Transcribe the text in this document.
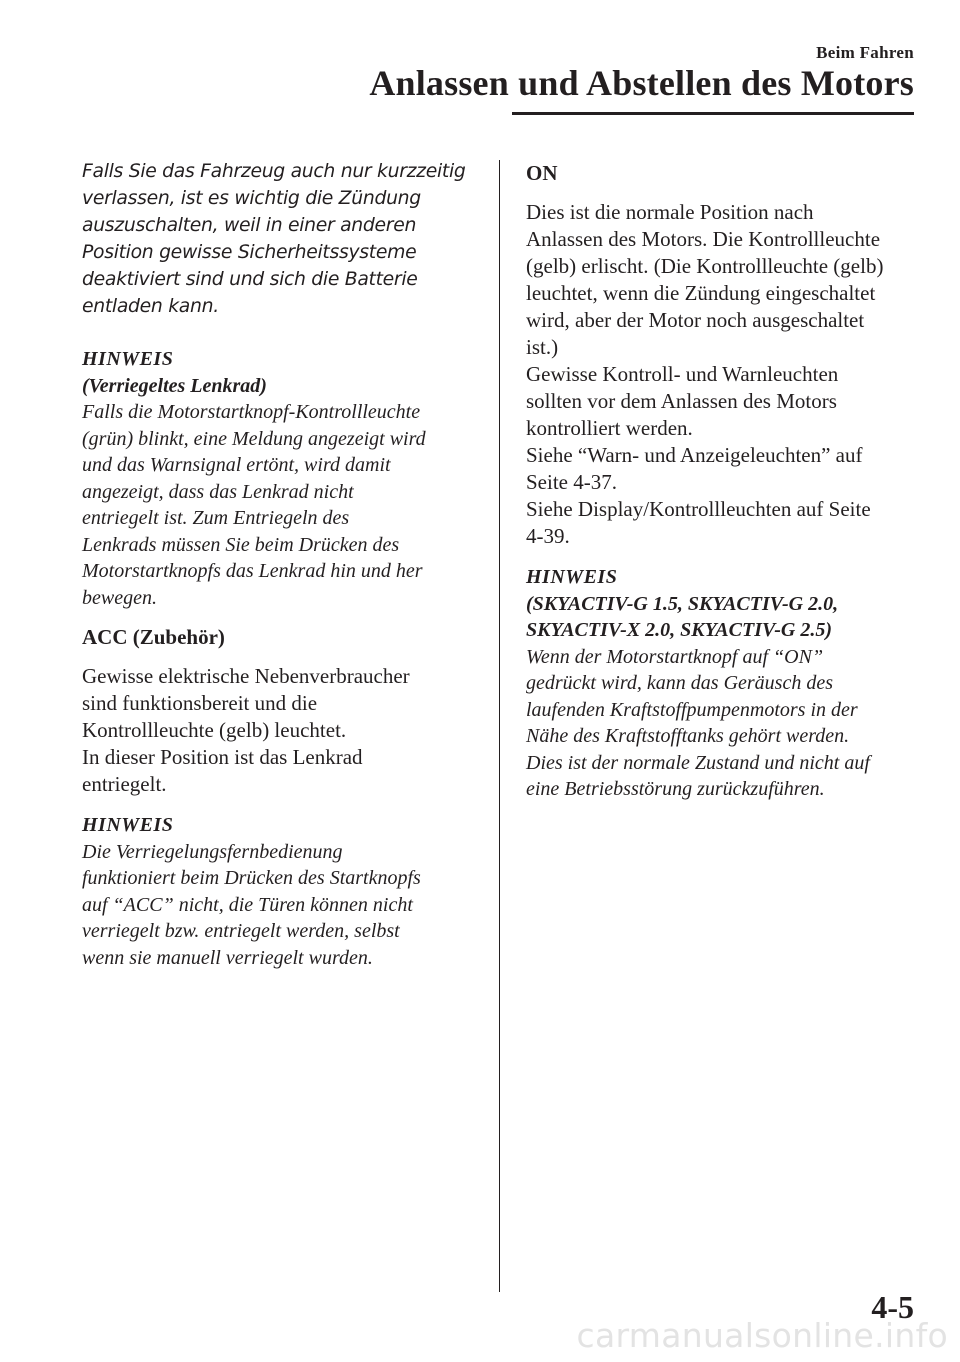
Beim Fahren
Anlassen und Abstellen des Motors
Falls Sie das Fahrzeug auch nur kurzzeitig
verlassen, ist es wichtig die Zündung
auszuschalten, weil in einer anderen
Position gewisse Sicherheitssysteme
deaktiviert sind und sich die Batterie
entladen kann.
HINWEIS
(Verriegeltes Lenkrad)
Falls die Motorstartknopf-Kontrollleuchte
(grün) blinkt, eine Meldung angezeigt wird
und das Warnsignal ertönt, wird damit
angezeigt, dass das Lenkrad nicht
entriegelt ist. Zum Entriegeln des
Lenkrads müssen Sie beim Drücken des
Motorstartknopfs das Lenkrad hin und her
bewegen.
ACC (Zubehör)
Gewisse elektrische Nebenverbraucher
sind funktionsbereit und die
Kontrollleuchte (gelb) leuchtet.
In dieser Position ist das Lenkrad
entriegelt.
HINWEIS
Die Verriegelungsfernbedienung
funktioniert beim Drücken des Startknopfs
auf “ACC” nicht, die Türen können nicht
verriegelt bzw. entriegelt werden, selbst
wenn sie manuell verriegelt wurden.
ON
Dies ist die normale Position nach
Anlassen des Motors. Die Kontrollleuchte
(gelb) erlischt. (Die Kontrollleuchte (gelb)
leuchtet, wenn die Zündung eingeschaltet
wird, aber der Motor noch ausgeschaltet
ist.)
Gewisse Kontroll- und Warnleuchten
sollten vor dem Anlassen des Motors
kontrolliert werden.
Siehe “Warn- und Anzeigeleuchten” auf
Seite 4-37.
Siehe Display/Kontrollleuchten auf Seite
4-39.
HINWEIS
(SKYACTIV-G 1.5, SKYACTIV-G 2.0,
SKYACTIV-X 2.0, SKYACTIV-G 2.5)
Wenn der Motorstartknopf auf “ON”
gedrückt wird, kann das Geräusch des
laufenden Kraftstoffpumpenmotors in der
Nähe des Kraftstofftanks gehört werden.
Dies ist der normale Zustand und nicht auf
eine Betriebsstörung zurückzuführen.
4-5
carmanualsonline.info
